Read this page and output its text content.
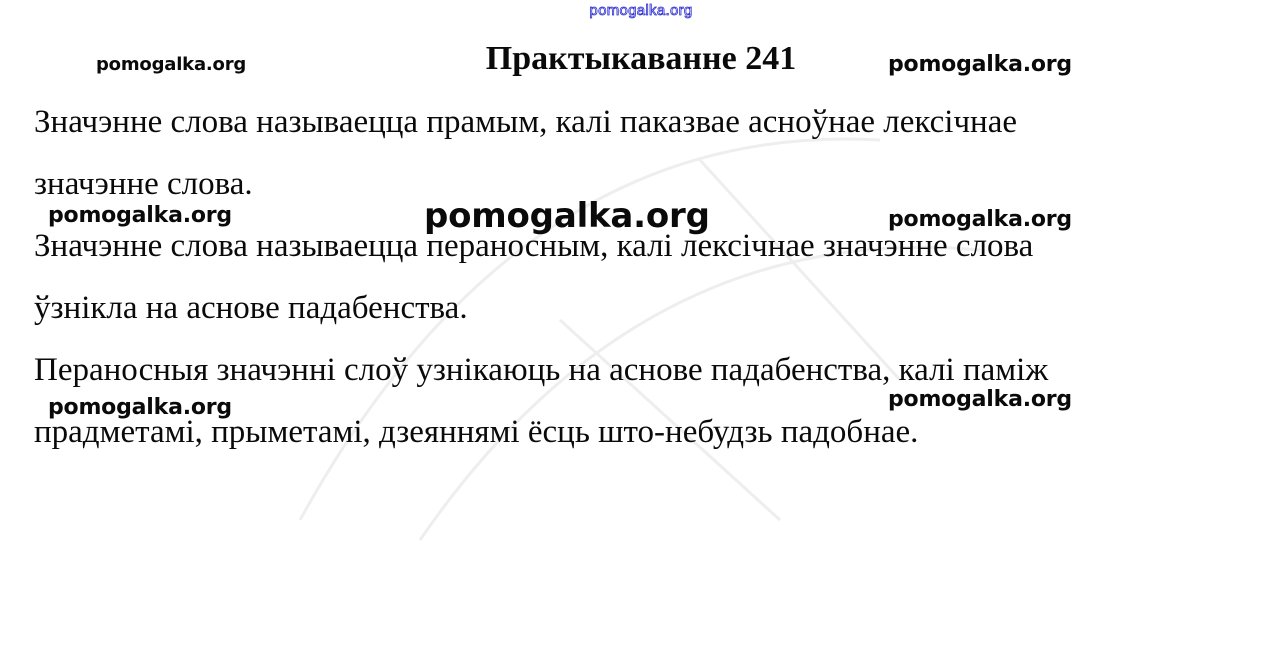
pomogalka.org
Практыкаванне 241
pomogalka.org	pomogalka.org

Значэнне слова называецца прамым, калі паказвае асноўнае лексічнае

значэнне слова.

Значэнне слова называецца пераносным, калі лексічнае значэнне слова

ўзнікла на аснове падабенства.

Пераносныя значэнні слоў узнікаюць на аснове падабенства, калі паміж

прадметамі, прыметамі, дзеяннямі ёсць што-небудзь падобнае.

pomogalka.org	pomogalka.org	pomogalka.org
pomogalka.org	pomogalka.org
